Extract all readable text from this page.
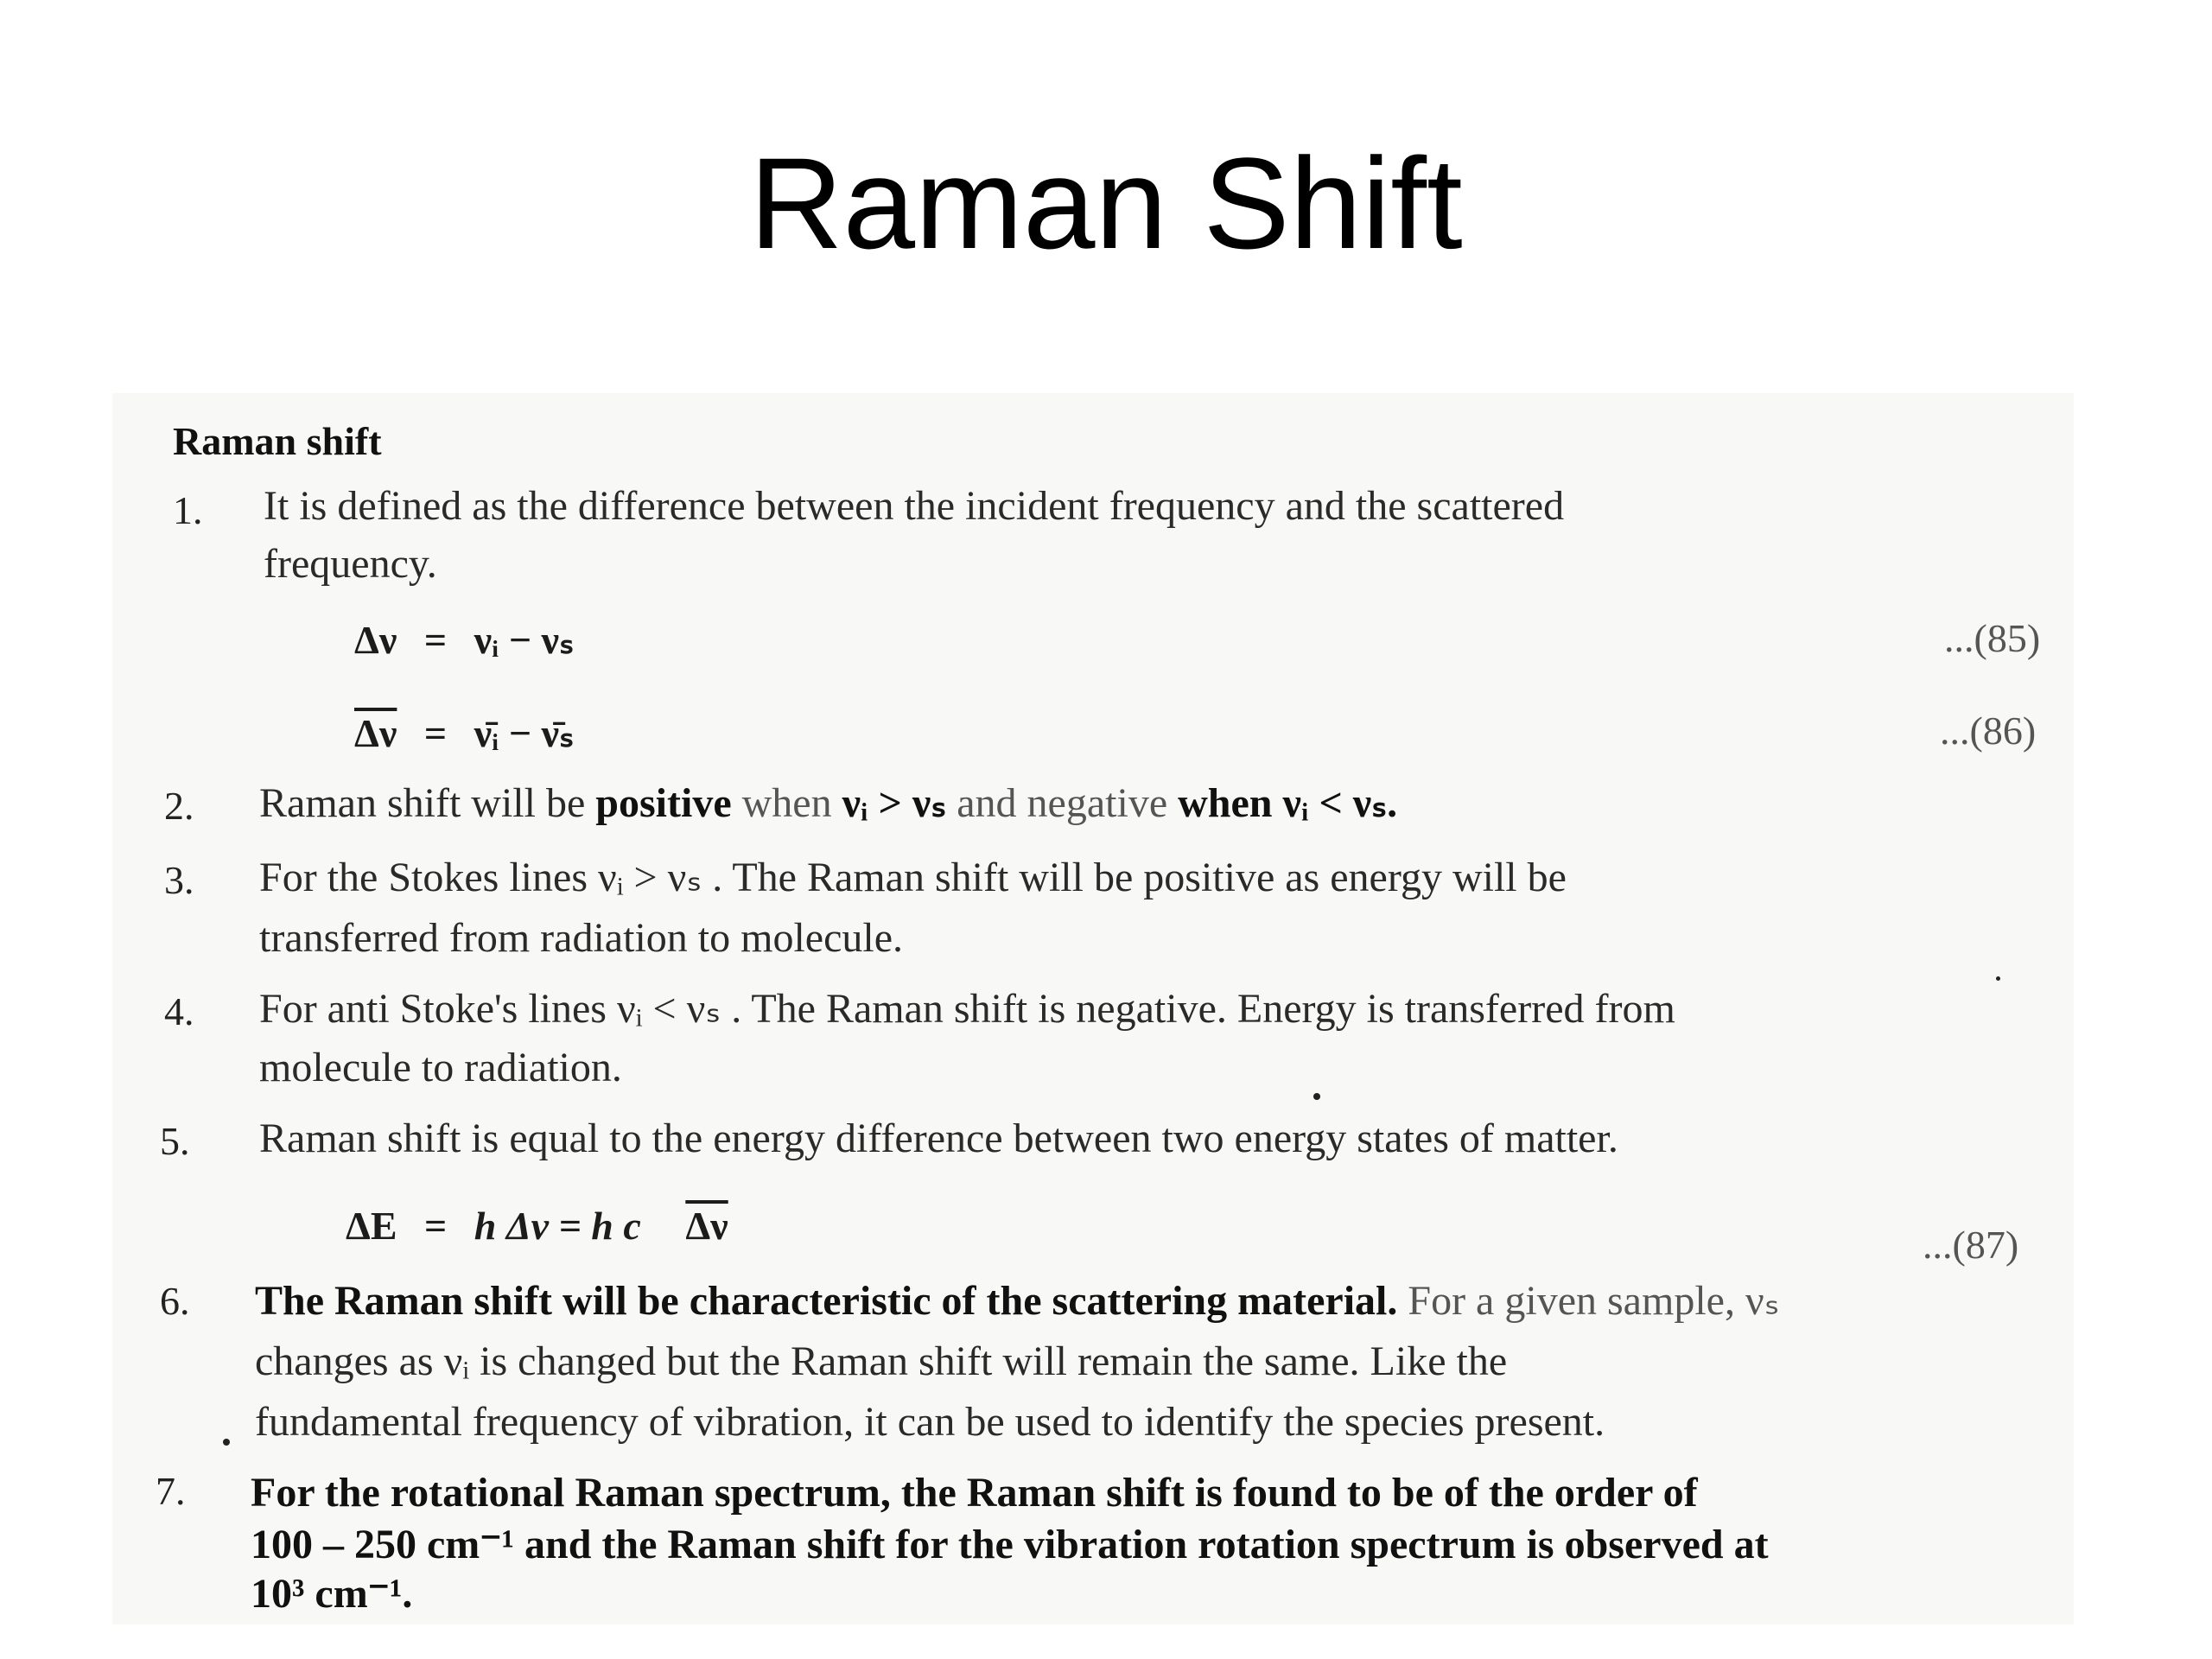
Raman Shift
Raman shift
1. It is defined as the difference between the incident frequency and the scattered
frequency.
Δν = νᵢ − νₛ	...(85)
$\overline{\Delta\nu}$ = ν̄ᵢ − ν̄ₛ	...(86)
2. Raman shift will be positive when νᵢ > νₛ and negative when νᵢ < νₛ.
3. For the Stokes lines νᵢ > νₛ . The Raman shift will be positive as energy will be
transferred from radiation to molecule.
4. For anti Stoke's lines νᵢ < νₛ . The Raman shift is negative. Energy is transferred from
molecule to radiation.
5. Raman shift is equal to the energy difference between two energy states of matter.
ΔE = h Δν = h c $\overline{\Delta\nu}$	...(87)
6. The Raman shift will be characteristic of the scattering material. For a given sample, νₛ
changes as νᵢ is changed but the Raman shift will remain the same. Like the
fundamental frequency of vibration, it can be used to identify the species present.
7. For the rotational Raman spectrum, the Raman shift is found to be of the order of
100 – 250 cm⁻¹ and the Raman shift for the vibration rotation spectrum is observed at
10³ cm⁻¹.
